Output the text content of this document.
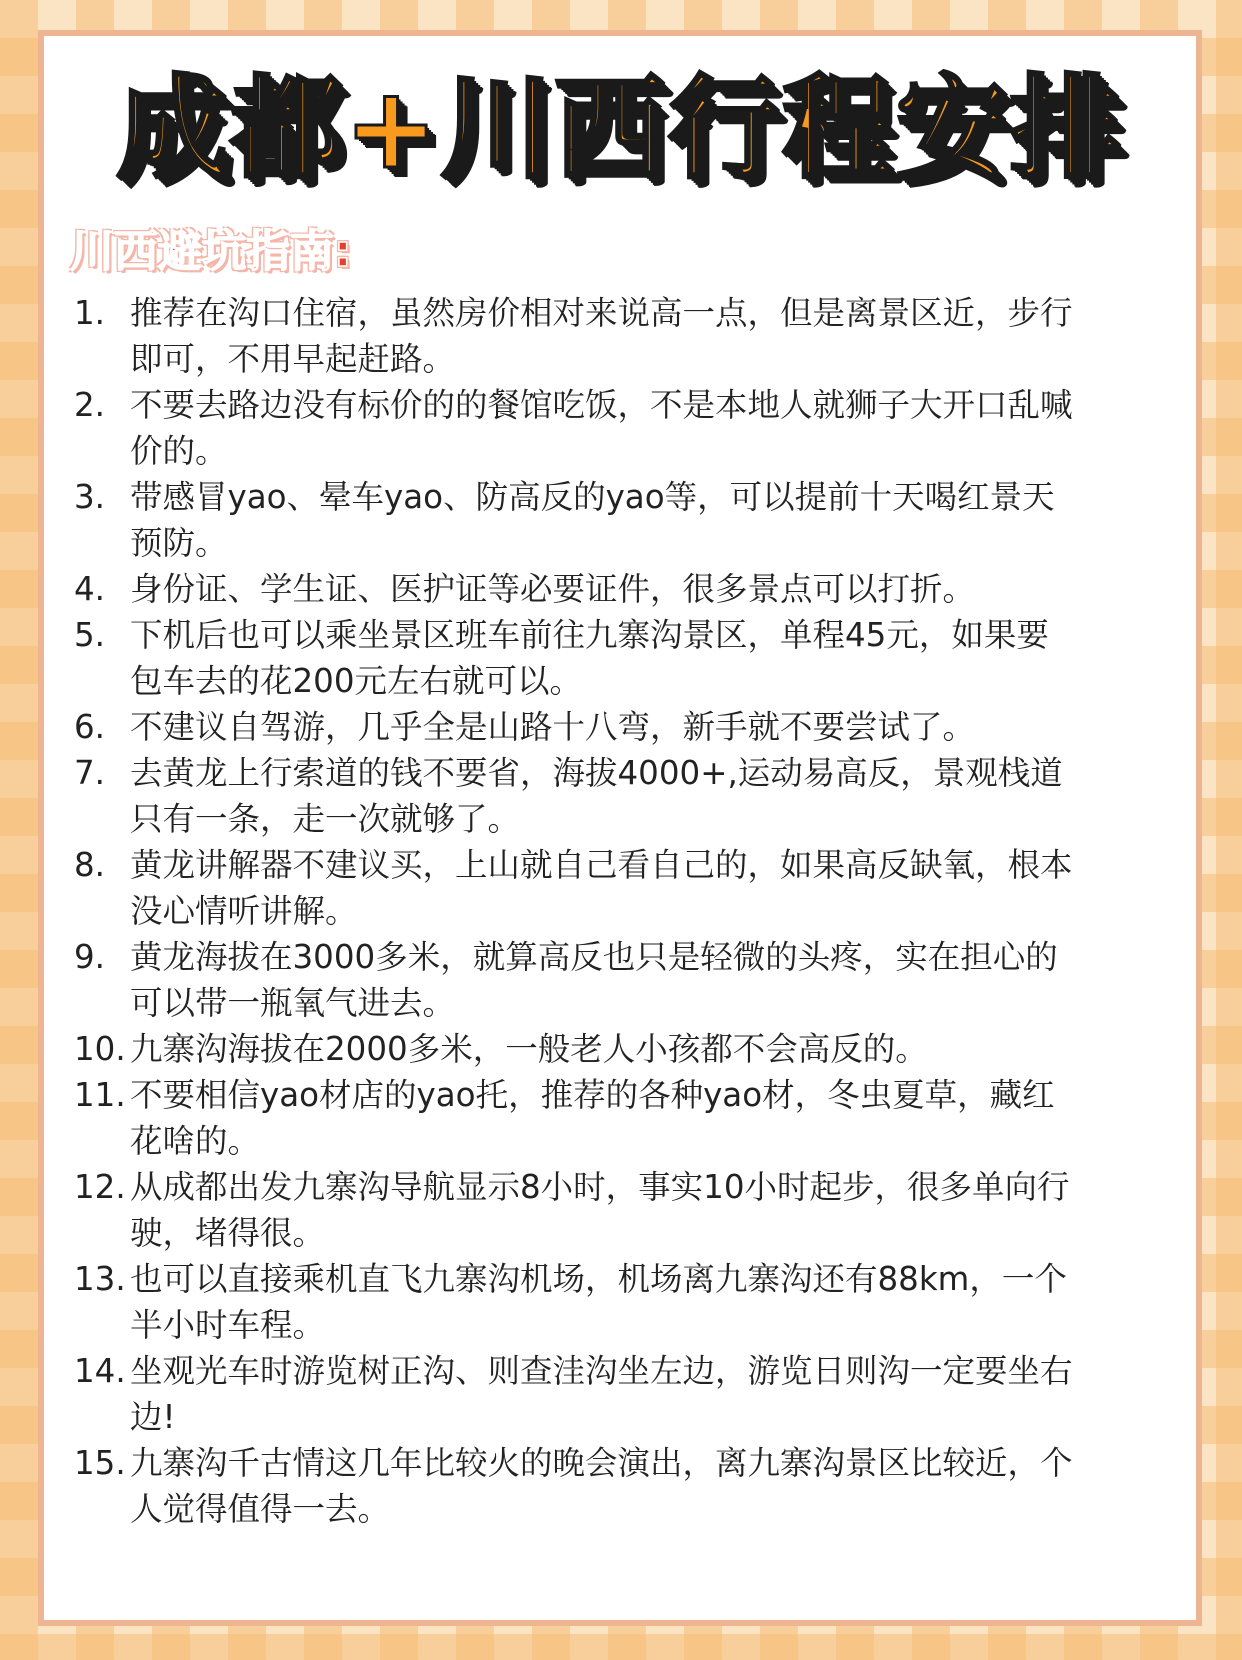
成都+川西行程安排
川西避坑指南:
1. 推荐在沟口住宿，虽然房价相对来说高一点，但是离景区近，步行
即可，不用早起赶路。
2. 不要去路边没有标价的的餐馆吃饭，不是本地人就狮子大开口乱喊
价的。
3. 带感冒yao、晕车yao、防高反的yao等，可以提前十天喝红景天
预防。
4. 身份证、学生证、医护证等必要证件，很多景点可以打折。
5. 下机后也可以乘坐景区班车前往九寨沟景区，单程45元，如果要
包车去的花200元左右就可以。
6. 不建议自驾游，几乎全是山路十八弯，新手就不要尝试了。
7. 去黄龙上行索道的钱不要省，海拔4000+,运动易高反，景观栈道
只有一条，走一次就够了。
8. 黄龙讲解器不建议买，上山就自己看自己的，如果高反缺氧，根本
没心情听讲解。
9. 黄龙海拔在3000多米，就算高反也只是轻微的头疼，实在担心的
可以带一瓶氧气进去。
10. 九寨沟海拔在2000多米，一般老人小孩都不会高反的。
11. 不要相信yao材店的yao托，推荐的各种yao材，冬虫夏草，藏红
花啥的。
12. 从成都出发九寨沟导航显示8小时，事实10小时起步，很多单向行
驶，堵得很。
13. 也可以直接乘机直飞九寨沟机场，机场离九寨沟还有88km，一个
半小时车程。
14. 坐观光车时游览树正沟、则查洼沟坐左边，游览日则沟一定要坐右
边!
15. 九寨沟千古情这几年比较火的晚会演出，离九寨沟景区比较近，个
人觉得值得一去。
